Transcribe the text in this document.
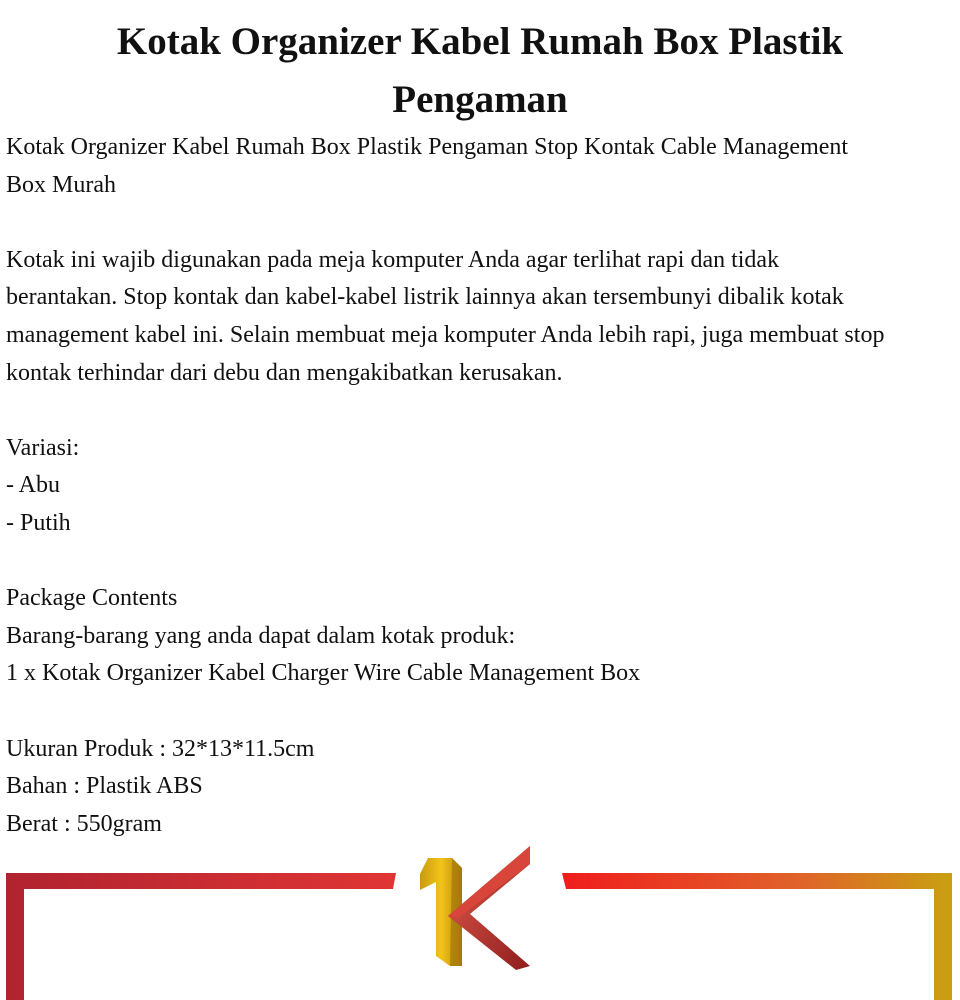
Kotak Organizer Kabel Rumah Box Plastik
Pengaman
Kotak Organizer Kabel Rumah Box Plastik Pengaman Stop Kontak Cable Management
Box Murah
Kotak ini wajib digunakan pada meja komputer Anda agar terlihat rapi dan tidak
berantakan. Stop kontak dan kabel-kabel listrik lainnya akan tersembunyi dibalik kotak
management kabel ini. Selain membuat meja komputer Anda lebih rapi, juga membuat stop
kontak terhindar dari debu dan mengakibatkan kerusakan.
Variasi:
- Abu
- Putih
Package Contents
Barang-barang yang anda dapat dalam kotak produk:
1 x Kotak Organizer Kabel Charger Wire Cable Management Box
Ukuran Produk : 32*13*11.5cm
Bahan : Plastik ABS
Berat : 550gram
